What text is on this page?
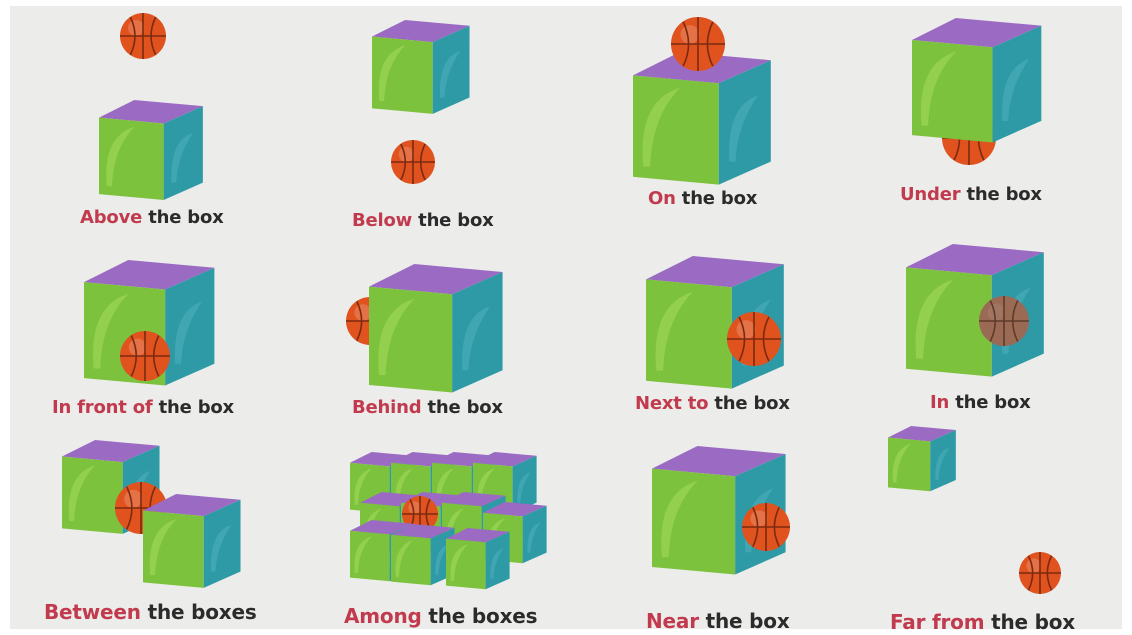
Above the box	Below the box
On the box	Under the box
In front of the box	Behind the box	Next to the box	In the box
Between the boxes	Among the boxes	Near the box	Far from the box
